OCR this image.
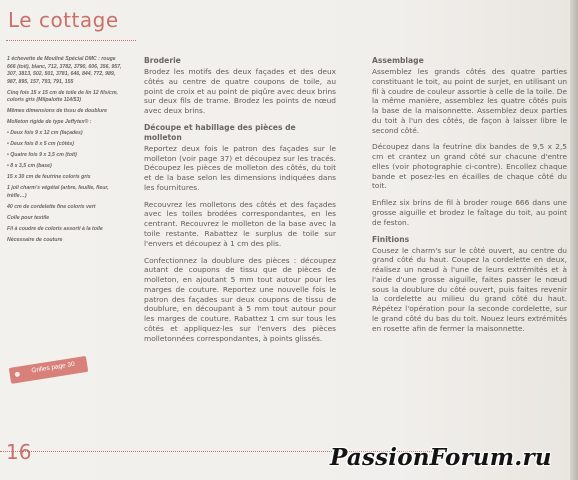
Le cottage

1 échevette de Mouliné Spécial DMC : rouge 666 (toit), blanc, 712, 3782, 3790, 606, 356, 957, 307, 3813, 502, 501, 3781, 646, 844, 772, 989, 987, 895, 157, 793, 791, 155

Cinq fois 15 x 15 cm de toile de lin 12 fils/cm, coloris gris (Milpalotte 114/53)

Mêmes dimensions de tissu de doublure

Molleton rigide de type Jeffytex® :

• Deux fois 9 x 12 cm (façades)

• Deux fois 8 x 5 cm (côtés)

• Quatre fois 9 x 3,5 cm (toit)

• 8 x 3,5 cm (base)

15 x 30 cm de feutrine coloris gris

1 joli charm's végétal (arbre, feuille, fleur, trèfle…)

40 cm de cordelette fine coloris vert

Colle pour textile

Fil à coudre de coloris assorti à la toile

Nécessaire de couture

Broderie

Brodez les motifs des deux façades et des deux côtés au centre de quatre coupons de toile, au point de croix et au point de piqûre avec deux brins sur deux fils de trame. Brodez les points de nœud avec deux brins.

Découpe et habillage des pièces de molleton

Reportez deux fois le patron des façades sur le molleton (voir page 37) et découpez sur les tracés. Découpez les pièces de molleton des côtés, du toit et de la base selon les dimensions indiquées dans les fournitures.

Recouvrez les molletons des côtés et des façades avec les toiles brodées correspondantes, en les centrant. Recouvrez le molleton de la base avec la toile restante. Rabattez le surplus de toile sur l'envers et découpez à 1 cm des plis.

Confectionnez la doublure des pièces : découpez autant de coupons de tissu que de pièces de molleton, en ajoutant 5 mm tout autour pour les marges de couture. Reportez une nouvelle fois le patron des façades sur deux coupons de tissu de doublure, en découpant à 5 mm tout autour pour les marges de couture. Rabattez 1 cm sur tous les côtés et appliquez-les sur l'envers des pièces molletonnées correspondantes, à points glissés.

Assemblage

Assemblez les grands côtés des quatre parties constituant le toit, au point de surjet, en utilisant un fil à coudre de couleur assortie à celle de la toile. De la même manière, assemblez les quatre côtés puis la base de la maisonnette. Assemblez deux parties du toit à l'un des côtés, de façon à laisser libre le second côté.

Découpez dans la feutrine dix bandes de 9,5 x 2,5 cm et crantez un grand côté sur chacune d'entre elles (voir photographie ci-contre). Encollez chaque bande et posez-les en écailles de chaque côté du toit.

Enfilez six brins de fil à broder rouge 666 dans une grosse aiguille et brodez le faîtage du toit, au point de feston.

Finitions

Cousez le charm's sur le côté ouvert, au centre du grand côté du haut. Coupez la cordelette en deux, réalisez un nœud à l'une de leurs extrémités et à l'aide d'une grosse aiguille, faites passer le nœud sous la doublure du côté ouvert, puis faites revenir la cordelette au milieu du grand côté du haut. Répétez l'opération pour la seconde cordelette, sur le grand côté du bas du toit. Nouez leurs extrémités en rosette afin de fermer la maisonnette.

Grilles page 30
16	PassionForum.ru
